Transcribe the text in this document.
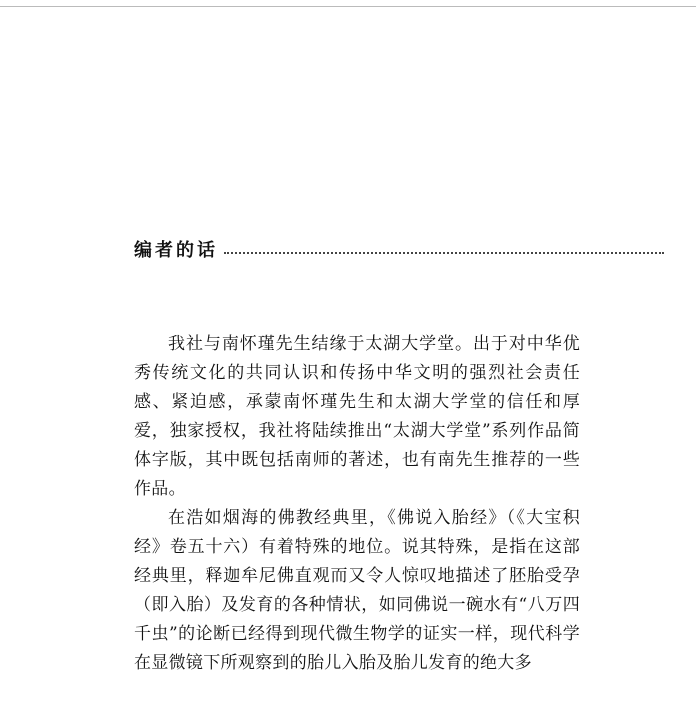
编者的话

我社与南怀瑾先生结缘于太湖大学堂。出于对中华优秀传统文化的共同认识和传扬中华文明的强烈社会责任感、紧迫感，承蒙南怀瑾先生和太湖大学堂的信任和厚爱，独家授权，我社将陆续推出“太湖大学堂”系列作品简体字版，其中既包括南师的著述，也有南先生推荐的一些作品。

在浩如烟海的佛教经典里，《佛说入胎经》（《大宝积经》卷五十六）有着特殊的地位。说其特殊，是指在这部经典里，释迦牟尼佛直观而又令人惊叹地描述了胚胎受孕（即入胎）及发育的各种情状，如同佛说一碗水有“八万四千虫”的论断已经得到现代微生物学的证实一样，现代科学在显微镜下所观察到的胎儿入胎及胎儿发育的绝大多
